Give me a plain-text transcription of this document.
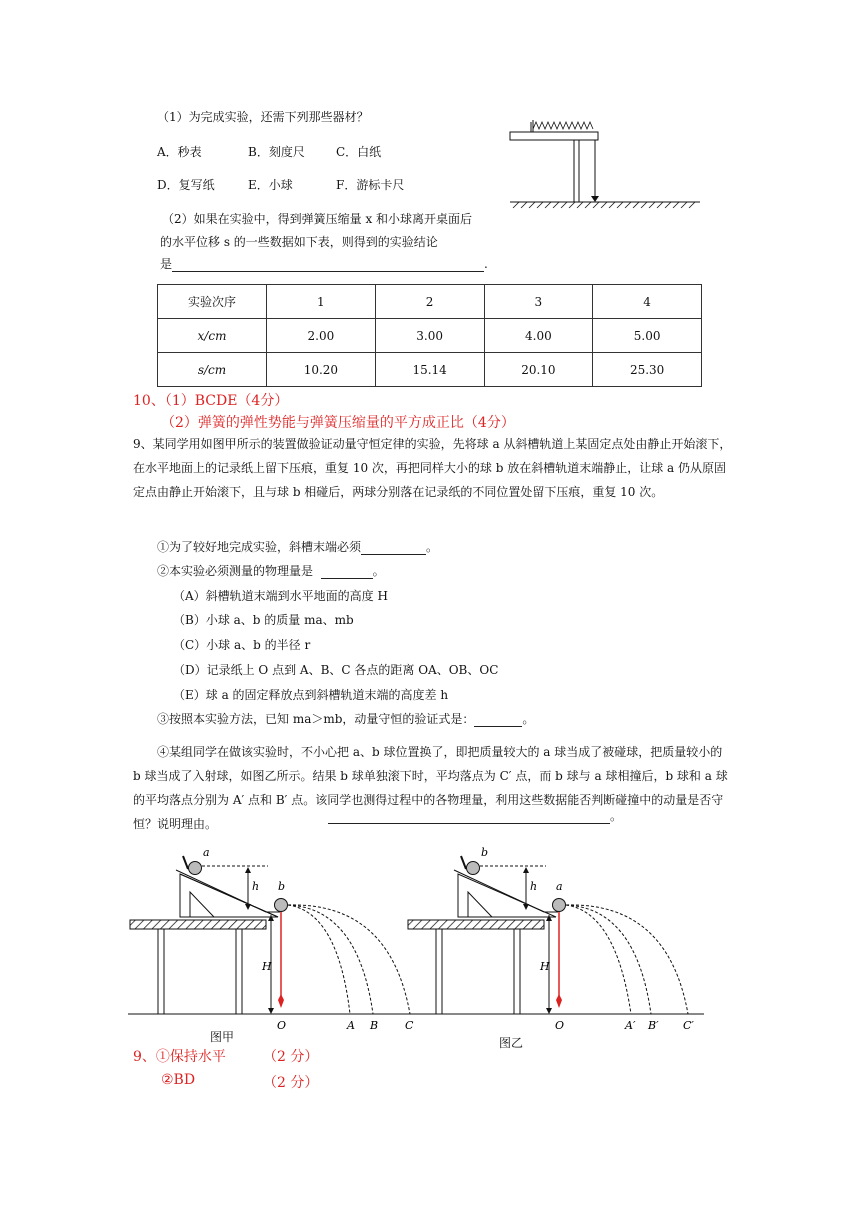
（1）为完成实验，还需下列那些器材？
A．秒表	B．刻度尺	C．白纸
D．复写纸	E．小球	F．游标卡尺
（2）如果在实验中，得到弹簧压缩量 x 和小球离开桌面后
的水平位移 s 的一些数据如下表，则得到的实验结论
是	.
实验次序	1	2	3	4
x/cm	2.00	3.00	4.00	5.00
s/cm	10.20	15.14	20.10	25.30
10、（1）BCDE（4分）
（2）弹簧的弹性势能与弹簧压缩量的平方成正比（4分）
9、某同学用如图甲所示的装置做验证动量守恒定律的实验，先将球 a 从斜槽轨道上某固定点处由静止开始滚下，在水平地面上的记录纸上留下压痕，重复 10 次，再把同样大小的球 b 放在斜槽轨道末端静止，让球 a 仍从原固定点由静止开始滚下，且与球 b 相碰后，两球分别落在记录纸的不同位置处留下压痕，重复 10 次。
①为了较好地完成实验，斜槽末端必须	。
②本实验必须测量的物理量是	。
（A）斜槽轨道末端到水平地面的高度 H
（B）小球 a、b 的质量 ma、mb
（C）小球 a、b 的半径 r
（D）记录纸上 O 点到 A、B、C 各点的距离 OA、OB、OC
（E）球 a 的固定释放点到斜槽轨道末端的高度差 h
③按照本实验方法，已知 ma＞mb，动量守恒的验证式是：	。
④某组同学在做该实验时，不小心把 a、b 球位置换了，即把质量较大的 a 球当成了被碰球，把质量较小的 b 球当成了入射球，如图乙所示。结果 b 球单独滚下时，平均落点为 C′ 点，而 b 球与 a 球相撞后，b 球和 a 球的平均落点分别为 A′ 点和 B′ 点。该同学也测得过程中的各物理量，利用这些数据能否判断碰撞中的动量是否守恒？说明理由。
。
a
b
h
H
O	A B C
图甲
b
a
h
H
O	A′ B′ C′
图乙
9、①保持水平	（2 分）
②BD	（2 分）
